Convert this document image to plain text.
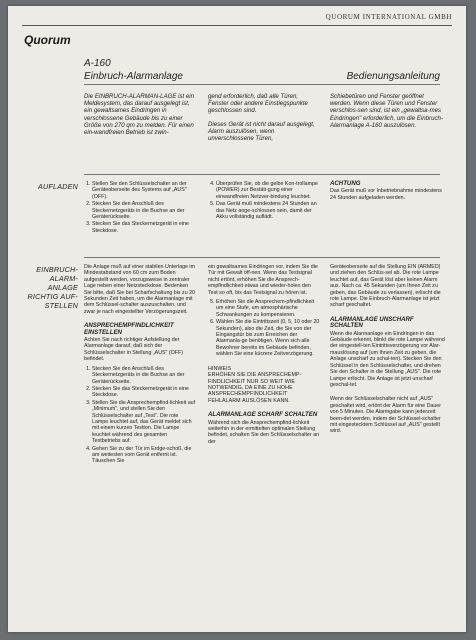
QUORUM INTERNATIONAL GMBH
Quorum
A-160
Einbruch-Alarmanlage	Bedienungsanleitung
Die EINBRUCH-ALARMAN-LAGE ist ein Meldesystem, das darauf ausgelegt ist, ein gewaltsames Eindringen in verschlossene Gebäude bis zu einer Größe von 270 qm zu melden. Für einen ein-wandfreien Betrieb ist zwin-

gend erforderlich, daß alle Türen, Fenster oder andere Einstiegspunkte geschlossen sind.

Dieses Gerät ist nicht darauf ausgelegt, Alarm auszulösen, wenn unverschlossene Türen,

Schiebetüren und Fenster geöffnet werden. Wenn diese Türen und Fenster verschlos-sen sind, ist ein „gewaltsa-mes Eindringen" erforderlich, um die Einbruch-Alarmanlage A-160 auszulösen.
AUFLADEN
1.	Stellen Sie den Schlüsselschalter an der Geräteoberseite des Systems auf „AUS" (OFF).
2. Stecken Sie den Anschluß des Steckernetzgeräts in die Buchse an der Geräterückseite.
3. Stecken Sie das Steckernetzgerät in eine Steckdose.
4. Überprüfen Sie, ob die gelbe Kon-trollampe (POWER) zur Bestäti-gung einer einwandfreien Netzver-bindung leuchtet.
5. Das Gerät muß mindestens 24 Stunden an das Netz ange-schlossen sein, damit der Akku vollständig auflädt.
ACHTUNG

Das Gerät muß vor Inbetriebnahme mindestens 24 Stunden aufgeladen werden.

EINBRUCH-ALARM-ANLAGE RICHTIG AUF-STELLEN

Die Anlage muß auf einer stabilen Unterlage im Mindestabstand von 60 cm zum Boden aufgestellt werden, vorzugsweise in zentraler Lage neben einer Netzsteckdose. Bedenken Sie bitte, daß Sie bei Scharfschaltung bis zu 20 Sekunden Zeit haben, um die Alarmanlage mit dem Schlüssel-schalter auszuschalten, und zwar je nach eingestellter Verzögerungszeit.

ANSPRECHEMPFINDLICHKEIT EINSTELLEN

Achten Sie nach richtiger Aufstellung der Alarmanlage darauf, daß sich der Schlüsselschalter in Stellung „AUS" (OFF) befindet.

1. Stecken Sie den Anschluß des Steckernetzgeräts in die Buchse an der Geräterückseite.
2. Stecken Sie das Steckernetzgerät in eine Steckdose.
3. Stellen Sie die Ansprechempfind-lichkeit auf „Minimum", und stellen Sie den Schlüsselschalter auf „Test". Die rote Lampe leuchtet auf, das Gerät meldet sich mit einem kurzen Testton. Die Lampe leuchtet während des gesamten Testbetriebs auf.
4. Gehen Sie zu der Tür im Erdge-schoß, die am weitesten vom Gerät entfernt ist. Täuschen Sie

ein gewaltsames Eindringen vor, indem Sie die Tür mit Gewalt öff-nen. Wenn das Testsignal nicht ertönt, erhöhen Sie die Ansprech-empfindlichkeit etwas und wieder-holen den Test so oft, bis das Testsignal zu hören ist.

5. Erhöhen Sie die Ansprechem-pfindlichkeit um eine Stufe, um atmosphärische Schwankungen zu kompensieren.
6. Wählen Sie die Eintrittszeit (0, 5, 10 oder 20 Sekunden), also die Zeit, die Sie von der Eingangstür bis zum Erreichen der Alarmanla-ge benötigen. Wenn sich alle Bewohner bereits im Gebäude befinden, wählen Sie eine kürzere Zeitverzögerung.
HINWEIS

ERHÖHEN SIE DIE ANSPRECHEMP-FINDLICHKEIT NUR SO WEIT WIE NOTWENDIG, DA EINE ZU HOHE ANSPRECHEMPFINDLICHKEIT FEHLALARM AUSLÖSEN KANN.

ALARMANLAGE SCHARF SCHALTEN

Während sich die Ansprechempfind-lichkeit weiterhin in der ermittelten optimalen Stellung befindet, schalten Sie den Schlüsselschalter an der

Geräteoberseite auf die Stellung EIN (ARMED) und ziehen den Schlüs-sel ab. Die rote Lampe leuchtet auf, das Gerät löst aber keinen Alarm aus. Nach ca. 45 Sekunden (um Ihnen Zeit zu geben, das Gebäude zu verlassen), erlischt die rote Lampe. Die Einbruch-Alarmanlage ist jetzt scharf geschaltet.

ALARMANLAGE UNSCHARF SCHALTEN

Wenn die Alarmanlage ein Eindringen in das Gebäude erkennt, blinkt die rote Lampe während der eingestell-ten Eintrittsverzögerung vor Alar-mauslösung auf (um Ihnen Zeit zu geben, die Anlage unscharf zu schal-ten). Stecken Sie den Schlüssel in den Schlüsselschalter, und drehen Sie den Schalter in die Stellung „AUS". Die rote Lampe erlischt. Die Anlage ist jetzt unscharf geschal-tet.

Wenn der Schlüsselschalter nicht auf „AUS" geschaltet wird, ertönt der Alarm für eine Dauer von 5 Minuten. Die Alarmgabe kann jederzeit been-det werden, indem der Schlüssel-schalter mit eingestecktem Schlüssel auf „AUS" gestellt wird.
